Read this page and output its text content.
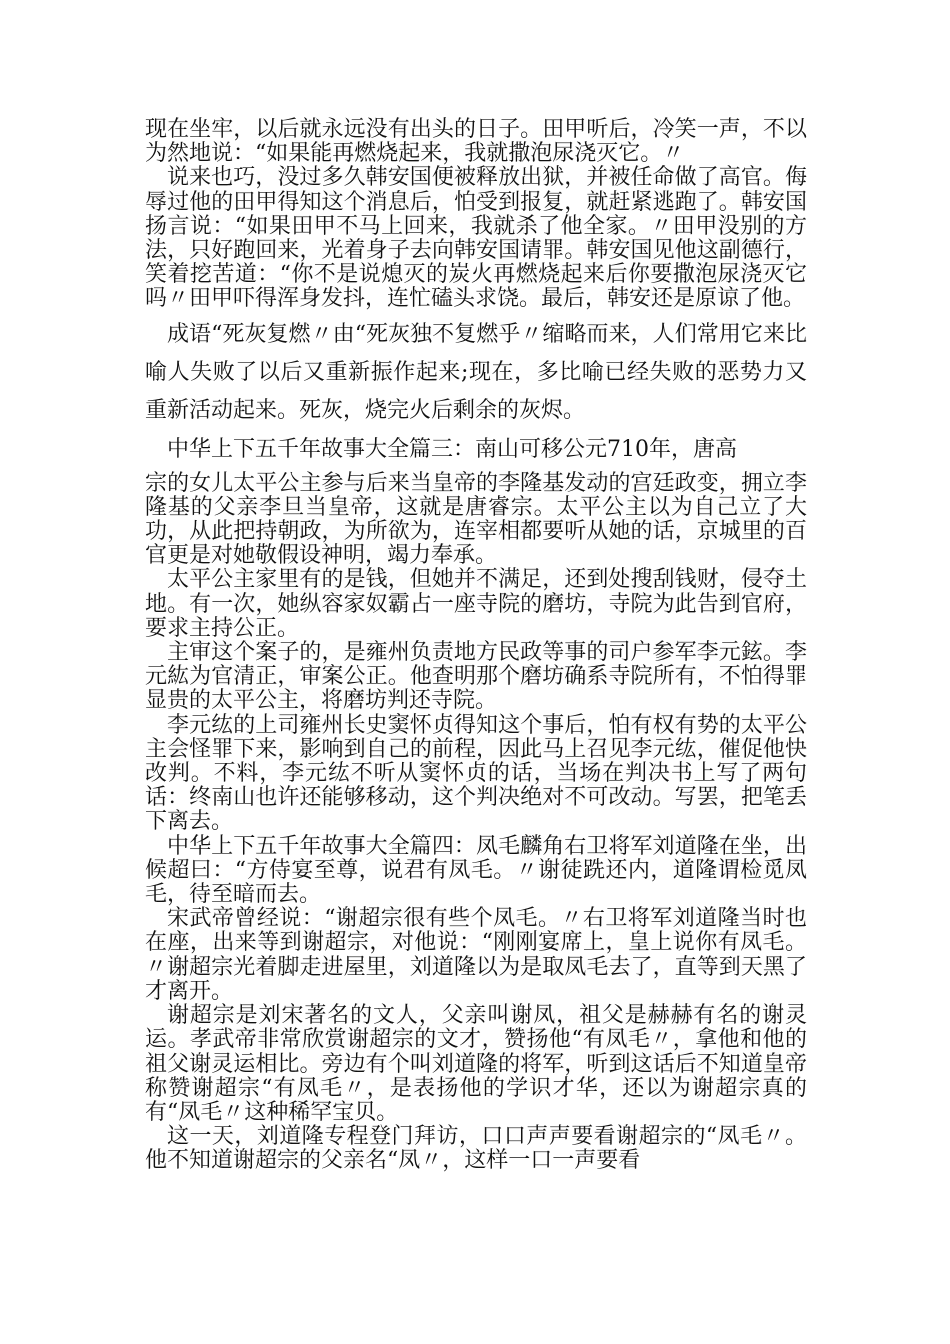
现在坐牢，以后就永远没有出头的日子。田甲听后，冷笑一声，不以为然地说：“如果能再燃烧起来，我就撒泡尿浇灭它。〃

说来也巧，没过多久韩安国便被释放出狱，并被任命做了高官。侮辱过他的田甲得知这个消息后，怕受到报复，就赶紧逃跑了。韩安国扬言说：“如果田甲不马上回来，我就杀了他全家。〃田甲没别的方法，只好跑回来，光着身子去向韩安国请罪。韩安国见他这副德行，笑着挖苦道：“你不是说熄灭的炭火再燃烧起来后你要撒泡尿浇灭它吗〃田甲吓得浑身发抖，连忙磕头求饶。最后，韩安还是原谅了他。

成语“死灰复燃〃由“死灰独不复燃乎〃缩略而来，人们常用它来比喻人失败了以后又重新振作起来;现在，多比喻已经失败的恶势力又重新活动起来。死灰，烧完火后剩余的灰烬。

中华上下五千年故事大全篇三：南山可移公元710年，唐高

宗的女儿太平公主参与后来当皇帝的李隆基发动的宫廷政变，拥立李隆基的父亲李旦当皇帝，这就是唐睿宗。太平公主以为自己立了大功，从此把持朝政，为所欲为，连宰相都要听从她的话，京城里的百官更是对她敬假设神明，竭力奉承。

太平公主家里有的是钱，但她并不满足，还到处搜刮钱财，侵夺土地。有一次，她纵容家奴霸占一座寺院的磨坊，寺院为此告到官府，要求主持公正。

主审这个案子的，是雍州负责地方民政等事的司户参军李元鉉。李元紘为官清正，审案公正。他查明那个磨坊确系寺院所有，不怕得罪显贵的太平公主，将磨坊判还寺院。

李元纮的上司雍州长史窦怀贞得知这个事后，怕有权有势的太平公主会怪罪下来，影响到自己的前程，因此马上召见李元纮，催促他快改判。不料，李元纮不听从窦怀贞的话，当场在判决书上写了两句话：终南山也许还能够移动，这个判决绝对不可改动。写罢，把笔丢下离去。

中华上下五千年故事大全篇四：凤毛麟角右卫将军刘道隆在坐，出候超曰：“方侍宴至尊，说君有凤毛。〃谢徒跣还内，道隆谓检觅凤毛，待至暗而去。

宋武帝曾经说：“谢超宗很有些个凤毛。〃右卫将军刘道隆当时也在座，出来等到谢超宗，对他说：“刚刚宴席上，皇上说你有凤毛。〃谢超宗光着脚走进屋里，刘道隆以为是取凤毛去了，直等到天黑了才离开。

谢超宗是刘宋著名的文人，父亲叫谢凤，祖父是赫赫有名的谢灵运。孝武帝非常欣赏谢超宗的文才，赞扬他“有凤毛〃，拿他和他的祖父谢灵运相比。旁边有个叫刘道隆的将军，听到这话后不知道皇帝称赞谢超宗“有凤毛〃，是表扬他的学识才华，还以为谢超宗真的有“凤毛〃这种稀罕宝贝。

这一天，刘道隆专程登门拜访，口口声声要看谢超宗的“凤毛〃。他不知道谢超宗的父亲名“凤〃，这样一口一声要看
